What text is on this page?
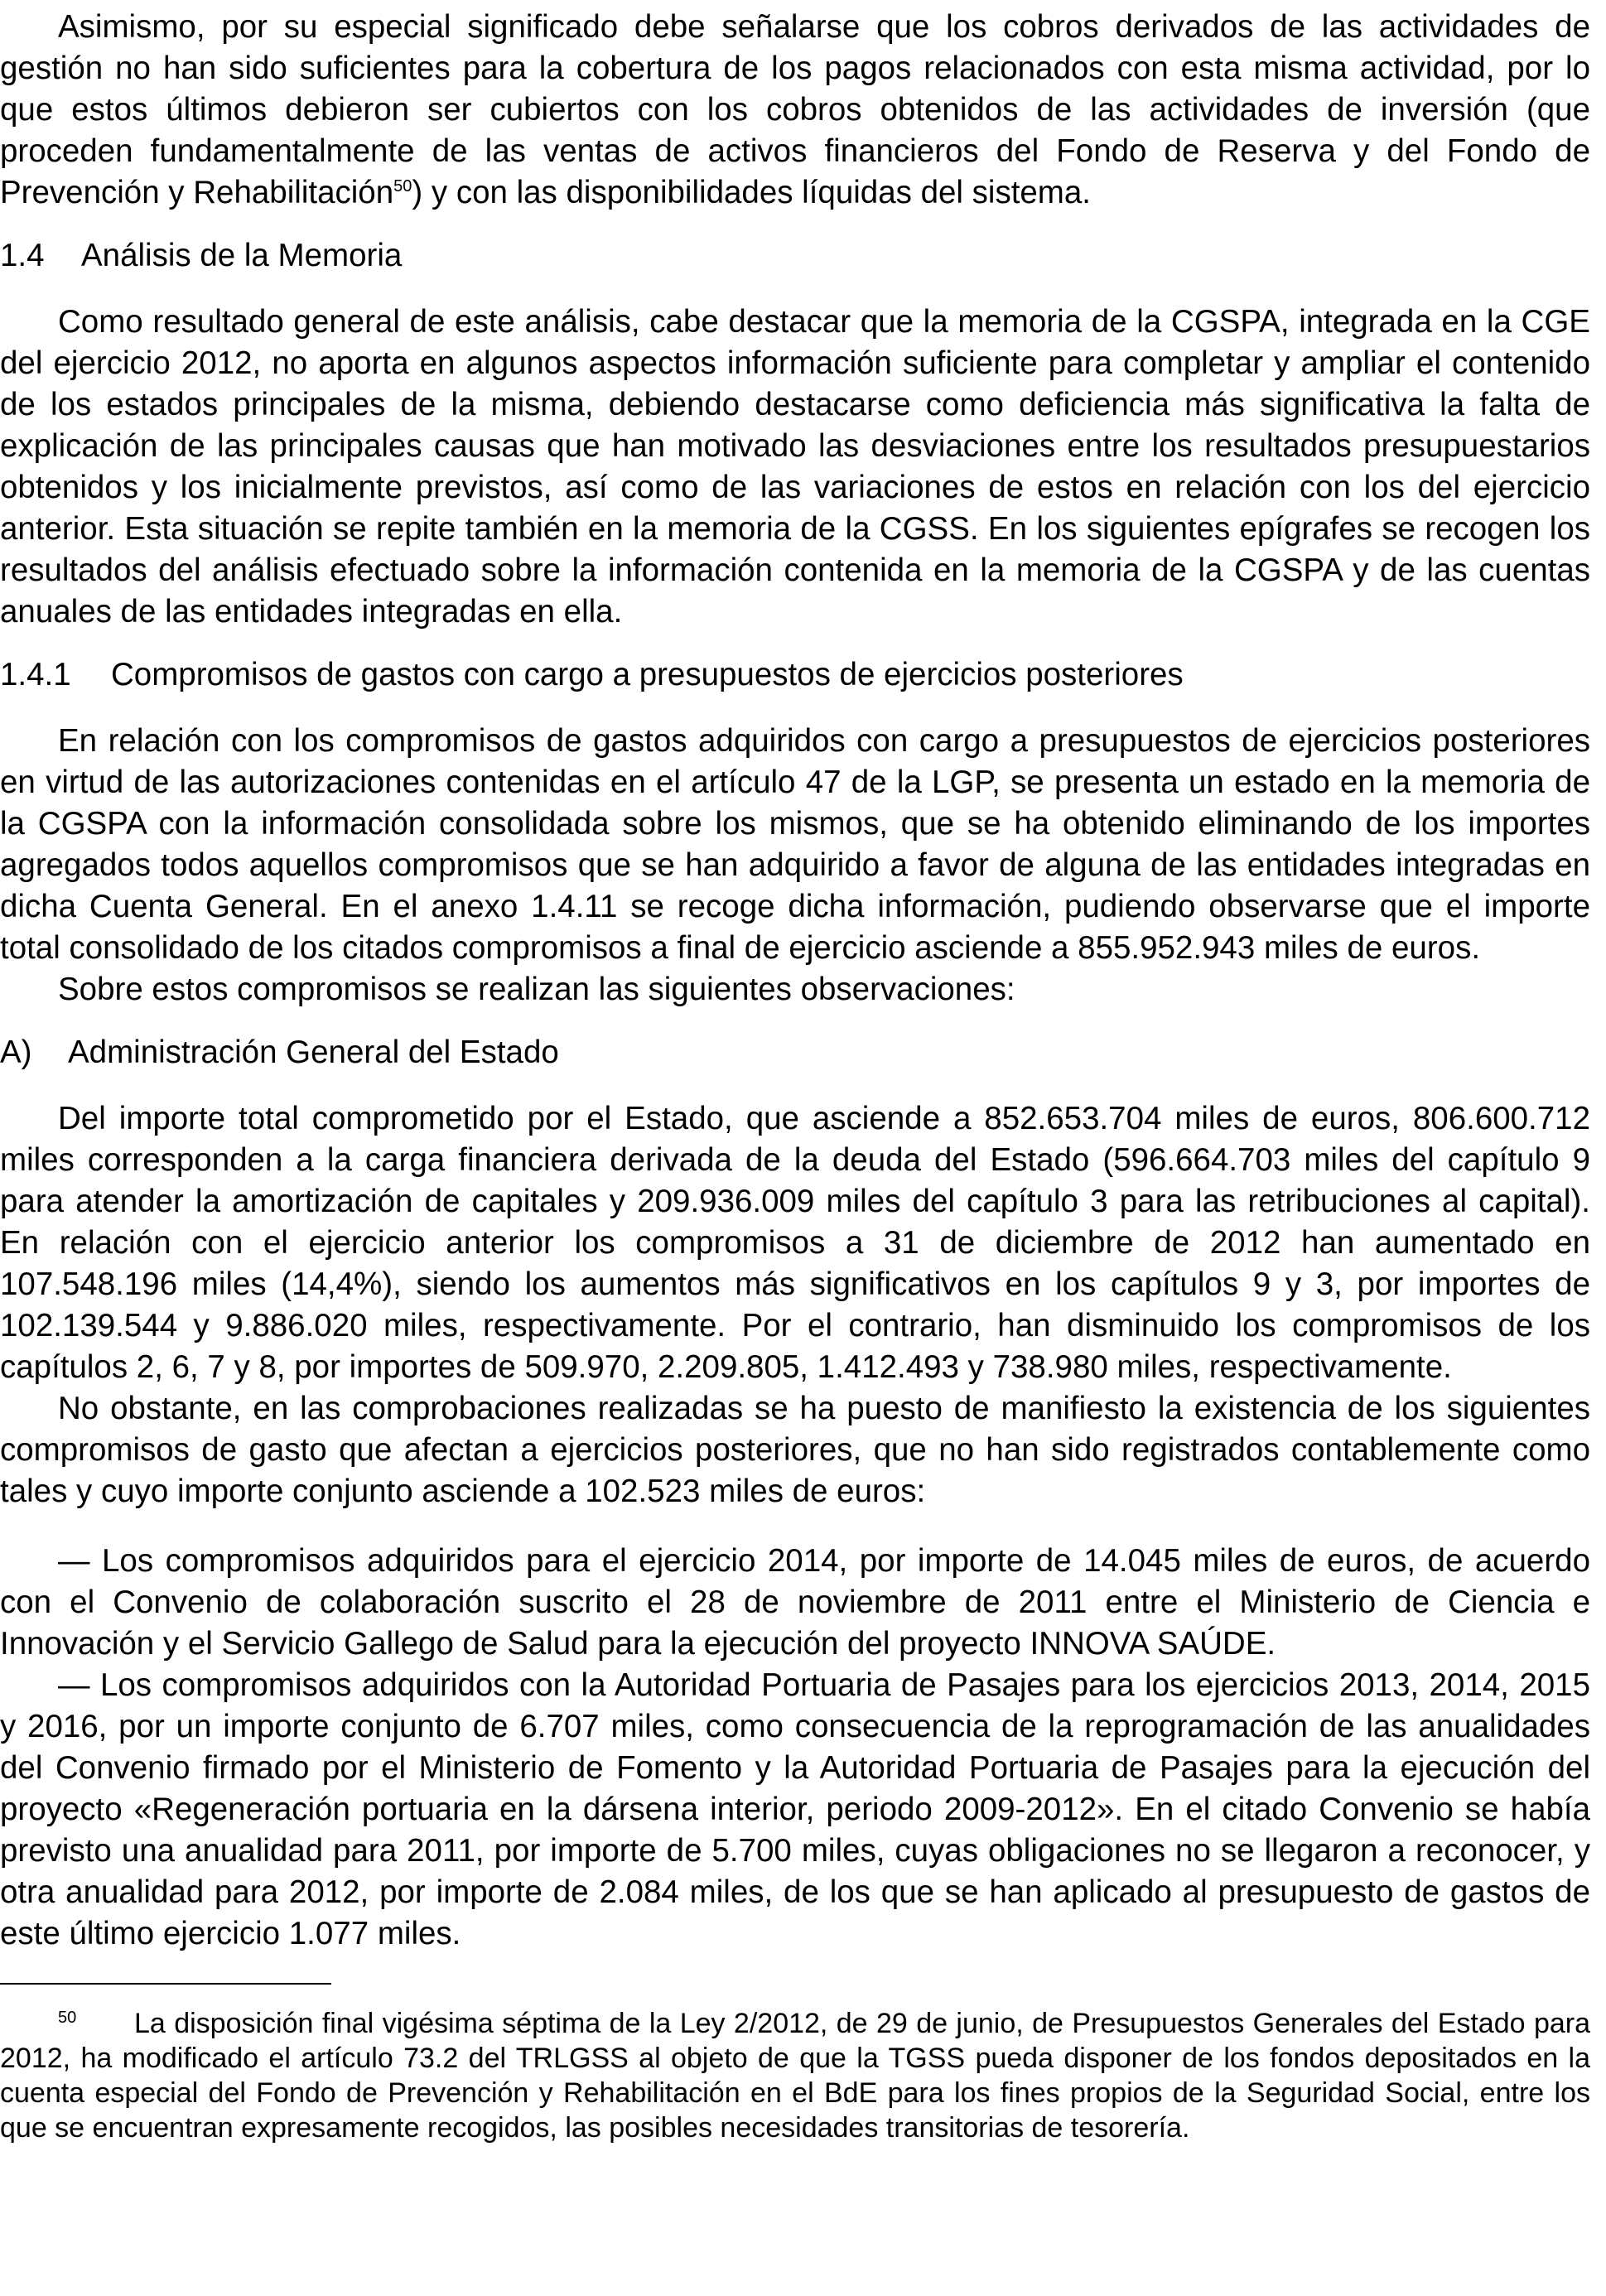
Asimismo, por su especial significado debe señalarse que los cobros derivados de las actividades de gestión no han sido suficientes para la cobertura de los pagos relacionados con esta misma actividad, por lo que estos últimos debieron ser cubiertos con los cobros obtenidos de las actividades de inversión (que proceden fundamentalmente de las ventas de activos financieros del Fondo de Reserva y del Fondo de Prevención y Rehabilitación$^{50}$) y con las disponibilidades líquidas del sistema.

1.4 Análisis de la Memoria

Como resultado general de este análisis, cabe destacar que la memoria de la CGSPA, integrada en la CGE del ejercicio 2012, no aporta en algunos aspectos información suficiente para completar y ampliar el contenido de los estados principales de la misma, debiendo destacarse como deficiencia más significativa la falta de explicación de las principales causas que han motivado las desviaciones entre los resultados presupuestarios obtenidos y los inicialmente previstos, así como de las variaciones de estos en relación con los del ejercicio anterior. Esta situación se repite también en la memoria de la CGSS. En los siguientes epígrafes se recogen los resultados del análisis efectuado sobre la información contenida en la memoria de la CGSPA y de las cuentas anuales de las entidades integradas en ella.

1.4.1 Compromisos de gastos con cargo a presupuestos de ejercicios posteriores

En relación con los compromisos de gastos adquiridos con cargo a presupuestos de ejercicios posteriores en virtud de las autorizaciones contenidas en el artículo 47 de la LGP, se presenta un estado en la memoria de la CGSPA con la información consolidada sobre los mismos, que se ha obtenido eliminando de los importes agregados todos aquellos compromisos que se han adquirido a favor de alguna de las entidades integradas en dicha Cuenta General. En el anexo 1.4.11 se recoge dicha información, pudiendo observarse que el importe total consolidado de los citados compromisos a final de ejercicio asciende a 855.952.943 miles de euros.

Sobre estos compromisos se realizan las siguientes observaciones:

A) Administración General del Estado

Del importe total comprometido por el Estado, que asciende a 852.653.704 miles de euros, 806.600.712 miles corresponden a la carga financiera derivada de la deuda del Estado (596.664.703 miles del capítulo 9 para atender la amortización de capitales y 209.936.009 miles del capítulo 3 para las retribuciones al capital). En relación con el ejercicio anterior los compromisos a 31 de diciembre de 2012 han aumentado en 107.548.196 miles (14,4%), siendo los aumentos más significativos en los capítulos 9 y 3, por importes de 102.139.544 y 9.886.020 miles, respectivamente. Por el contrario, han disminuido los compromisos de los capítulos 2, 6, 7 y 8, por importes de 509.970, 2.209.805, 1.412.493 y 738.980 miles, respectivamente.

No obstante, en las comprobaciones realizadas se ha puesto de manifiesto la existencia de los siguientes compromisos de gasto que afectan a ejercicios posteriores, que no han sido registrados contablemente como tales y cuyo importe conjunto asciende a 102.523 miles de euros:

— Los compromisos adquiridos para el ejercicio 2014, por importe de 14.045 miles de euros, de acuerdo con el Convenio de colaboración suscrito el 28 de noviembre de 2011 entre el Ministerio de Ciencia e Innovación y el Servicio Gallego de Salud para la ejecución del proyecto INNOVA SAÚDE.

— Los compromisos adquiridos con la Autoridad Portuaria de Pasajes para los ejercicios 2013, 2014, 2015 y 2016, por un importe conjunto de 6.707 miles, como consecuencia de la reprogramación de las anualidades del Convenio firmado por el Ministerio de Fomento y la Autoridad Portuaria de Pasajes para la ejecución del proyecto «Regeneración portuaria en la dársena interior, periodo 2009-2012». En el citado Convenio se había previsto una anualidad para 2011, por importe de 5.700 miles, cuyas obligaciones no se llegaron a reconocer, y otra anualidad para 2012, por importe de 2.084 miles, de los que se han aplicado al presupuesto de gastos de este último ejercicio 1.077 miles.

50 La disposición final vigésima séptima de la Ley 2/2012, de 29 de junio, de Presupuestos Generales del Estado para 2012, ha modificado el artículo 73.2 del TRLGSS al objeto de que la TGSS pueda disponer de los fondos depositados en la cuenta especial del Fondo de Prevención y Rehabilitación en el BdE para los fines propios de la Seguridad Social, entre los que se encuentran expresamente recogidos, las posibles necesidades transitorias de tesorería.
